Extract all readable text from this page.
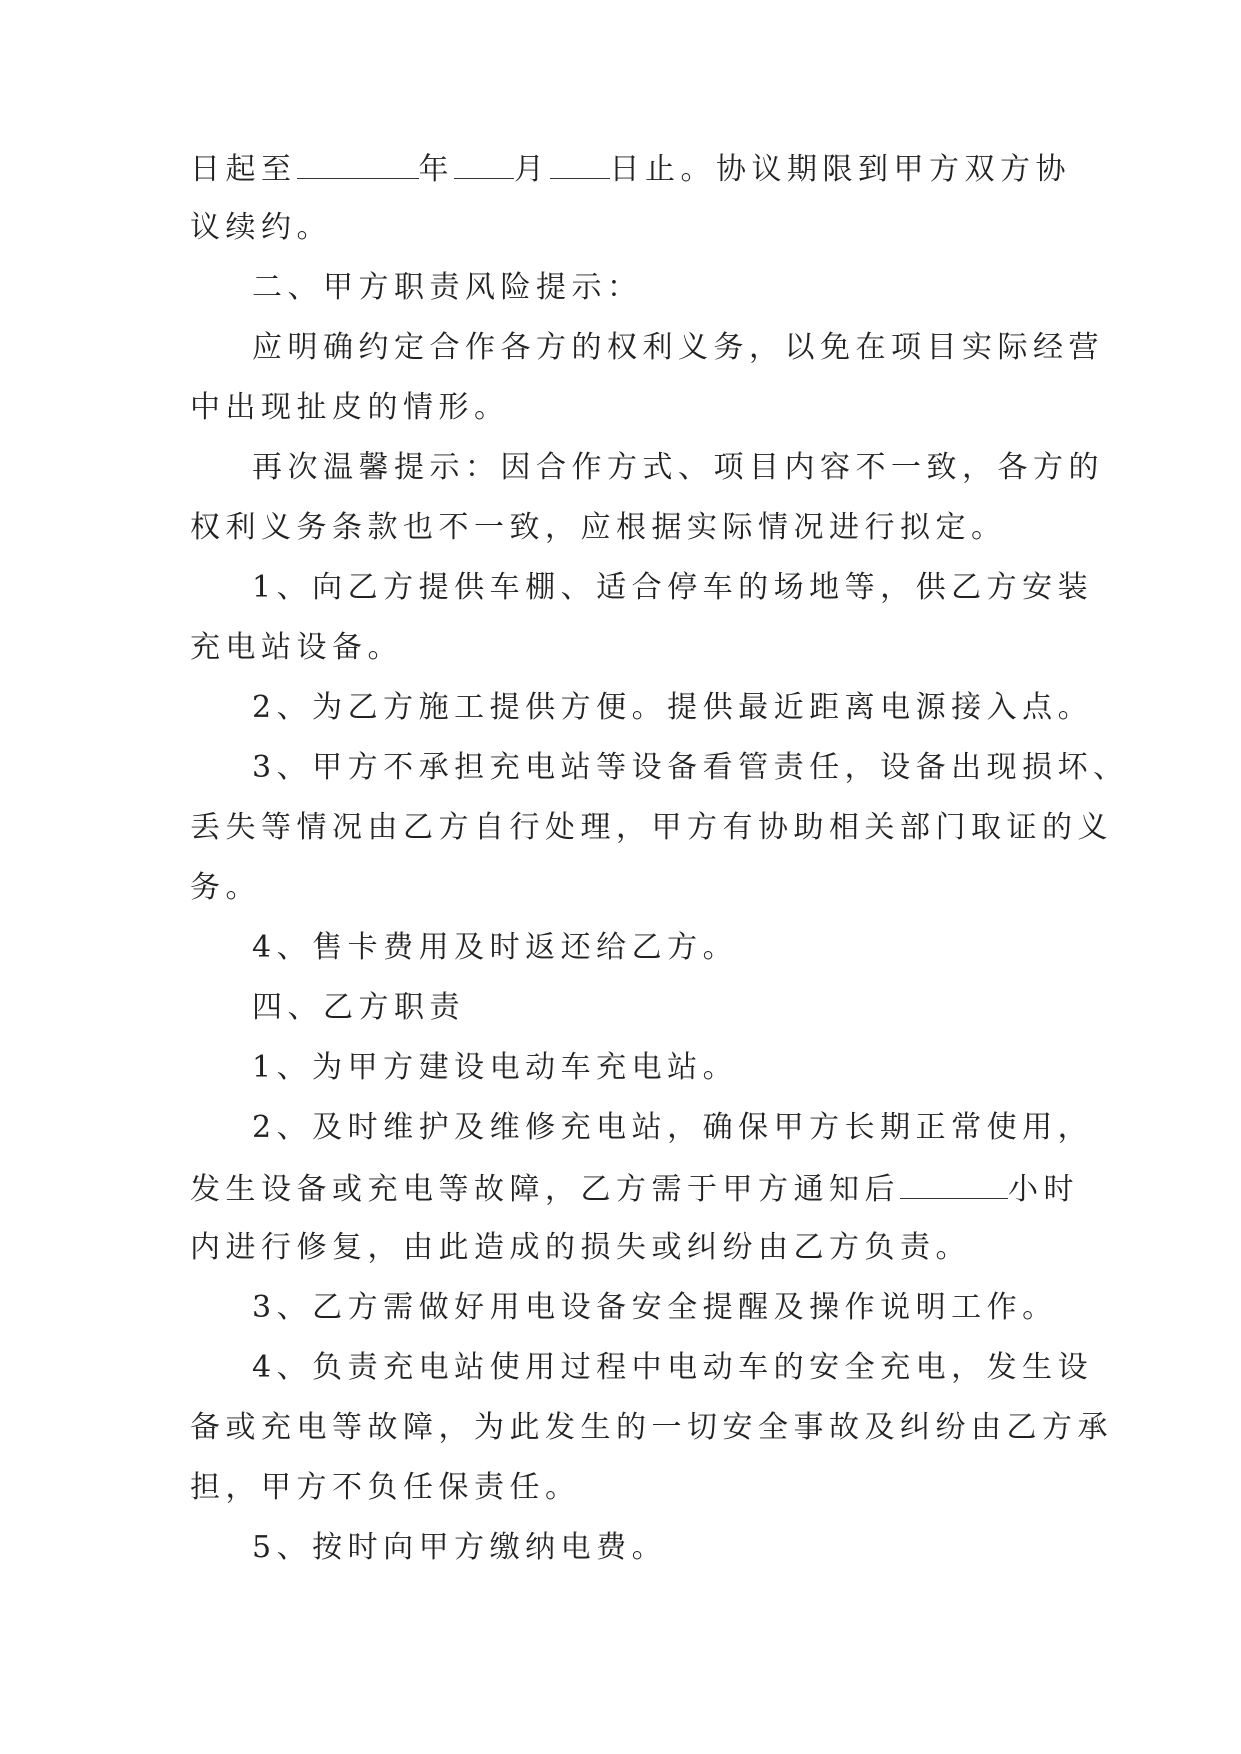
日起至	年 月 日止。协议期限到甲方双方协
议续约。
二、甲方职责风险提示：
应明确约定合作各方的权利义务，以免在项目实际经营
中出现扯皮的情形。
再次温馨提示：因合作方式、项目内容不一致，各方的
权利义务条款也不一致，应根据实际情况进行拟定。
1、向乙方提供车棚、适合停车的场地等，供乙方安装
充电站设备。
2、为乙方施工提供方便。提供最近距离电源接入点。
3、甲方不承担充电站等设备看管责任，设备出现损坏、
丢失等情况由乙方自行处理，甲方有协助相关部门取证的义
务。
4、售卡费用及时返还给乙方。
四、乙方职责
1、为甲方建设电动车充电站。
2、及时维护及维修充电站，确保甲方长期正常使用，
发生设备或充电等故障，乙方需于甲方通知后	小时
内进行修复，由此造成的损失或纠纷由乙方负责。
3、乙方需做好用电设备安全提醒及操作说明工作。
4、负责充电站使用过程中电动车的安全充电，发生设
备或充电等故障，为此发生的一切安全事故及纠纷由乙方承
担，甲方不负任保责任。
5、按时向甲方缴纳电费。
